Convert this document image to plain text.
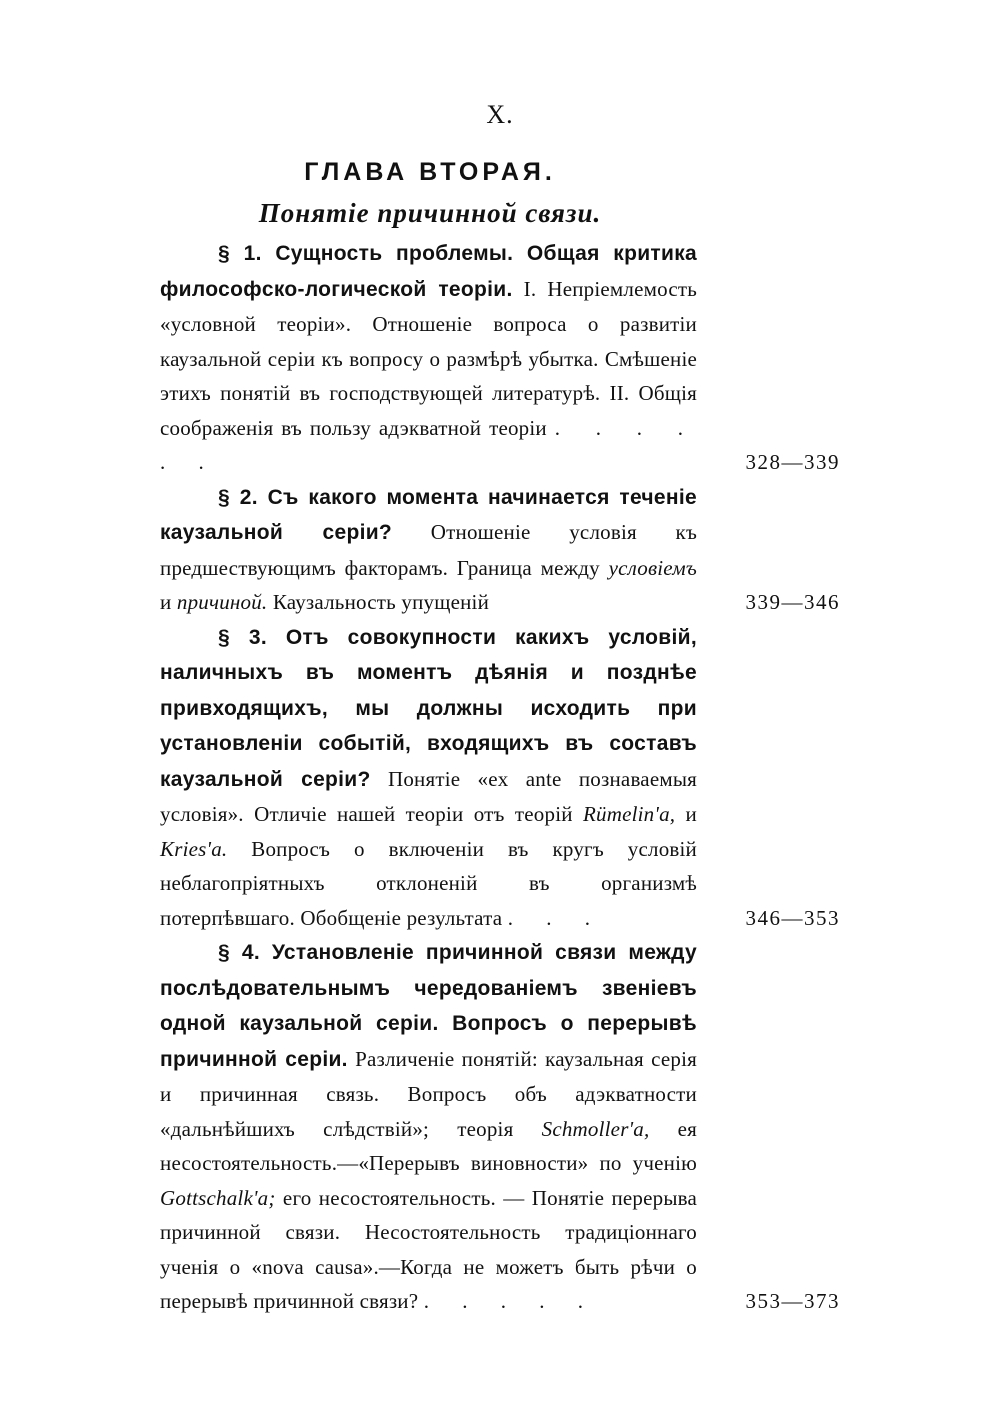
X.
ГЛАВА ВТОРАЯ.
Понятіе причинной связи.
§ 1. Сущность проблемы. Общая критика философско-логической теоріи. I. Непріемлемость «условной теоріи». Отношеніе вопроса о развитіи каузальной серіи къ вопросу о размѣрѣ убытка. Смѣшеніе этихъ понятій въ господствующей литературѣ. II. Общія соображенія въ пользу адэкватной теоріи . . . . . .	328—339
§ 2. Съ какого момента начинается теченіе каузальной серіи? Отношеніе условія къ предшествующимъ факторамъ. Граница между условіемъ и причиной. Каузальность упущеній	339—346
§ 3. Отъ совокупности какихъ условій, наличныхъ въ моментъ дѣянія и позднѣе привходящихъ, мы должны исходить при установленіи событій, входящихъ въ составъ каузальной серіи? Понятіе «ex ante познаваемыя условія». Отличіе нашей теоріи отъ теорій Rümelin'a, и Kries'a. Вопросъ о включеніи въ кругъ условій неблагопріятныхъ отклоненій въ организмѣ потерпѣвшаго. Обобщеніе результата . . .	346—353
§ 4. Установленіе причинной связи между послѣдовательнымъ чередованіемъ звеніевъ одной каузальной серіи. Вопросъ о перерывѣ причинной серіи. Различеніе понятій: каузальная серія и причинная связь. Вопросъ объ адэкватности «дальнѣйшихъ слѣдствій»; теорія Schmoller'a, ея несостоятельность.—«Перерывъ виновности» по ученію Gottschalk'a; его несостоятельность. — Понятіе перерыва причинной связи. Несостоятельность традиціоннаго ученія о «nova causa».—Когда не можетъ быть рѣчи о перерывѣ причинной связи? . . . . .	353—373
